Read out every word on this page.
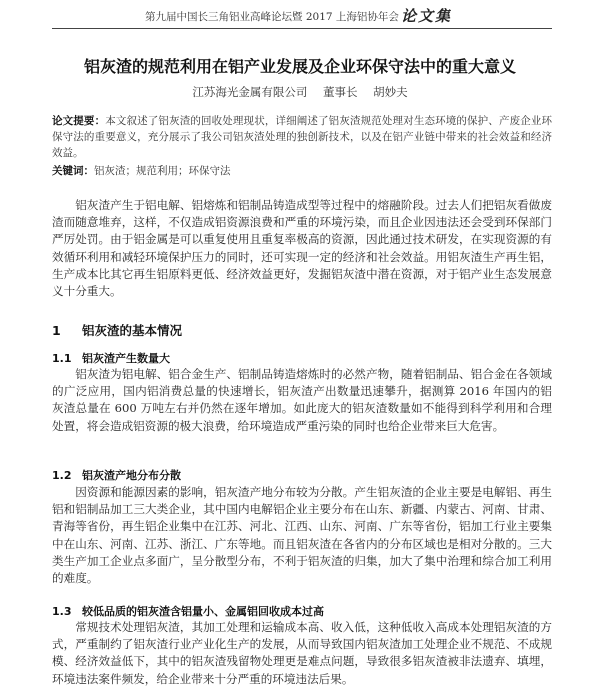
第九届中国长三角铝业高峰论坛暨 2017 上海铝协年会 论文集
铝灰渣的规范利用在铝产业发展及企业环保守法中的重大意义
江苏海光金属有限公司 董事长 胡妙夫
论文提要：本文叙述了铝灰渣的回收处理现状，详细阐述了铝灰渣规范处理对生态环境的保护、产废企业环保守法的重要意义，充分展示了我公司铝灰渣处理的独创新技术，以及在铝产业链中带来的社会效益和经济效益。
关键词：铝灰渣；规范利用；环保守法
铝灰渣产生于铝电解、铝熔炼和铝制品铸造成型等过程中的熔融阶段。过去人们把铝灰看做废渣而随意堆弃，这样，不仅造成铝资源浪费和严重的环境污染，而且企业因违法还会受到环保部门严厉处罚。由于铝金属是可以重复使用且重复率极高的资源，因此通过技术研发，在实现资源的有效循环利用和减轻环境保护压力的同时，还可实现一定的经济和社会效益。用铝灰渣生产再生铝，生产成本比其它再生铝原料更低、经济效益更好，发掘铝灰渣中潜在资源，对于铝产业生态发展意义十分重大。
1 铝灰渣的基本情况
1.1 铝灰渣产生数量大
铝灰渣为铝电解、铝合金生产、铝制品铸造熔炼时的必然产物，随着铝制品、铝合金在各领域的广泛应用，国内铝消费总量的快速增长，铝灰渣产出数量迅速攀升，据测算 2016 年国内的铝灰渣总量在 600 万吨左右并仍然在逐年增加。如此庞大的铝灰渣数量如不能得到科学利用和合理处置，将会造成铝资源的极大浪费，给环境造成严重污染的同时也给企业带来巨大危害。
1.2 铝灰渣产地分布分散
因资源和能源因素的影响，铝灰渣产地分布较为分散。产生铝灰渣的企业主要是电解铝、再生铝和铝制品加工三大类企业，其中国内电解铝企业主要分布在山东、新疆、内蒙古、河南、甘肃、青海等省份，再生铝企业集中在江苏、河北、江西、山东、河南、广东等省份，铝加工行业主要集中在山东、河南、江苏、浙江、广东等地。而且铝灰渣在各省内的分布区域也是相对分散的。三大类生产加工企业点多面广，呈分散型分布，不利于铝灰渣的归集，加大了集中治理和综合加工利用的难度。
1.3 较低品质的铝灰渣含铝量小、金属铝回收成本过高
常规技术处理铝灰渣，其加工处理和运输成本高、收入低，这种低收入高成本处理铝灰渣的方式，严重制约了铝灰渣行业产业化生产的发展，从而导致国内铝灰渣加工处理企业不规范、不成规模、经济效益低下，其中的铝灰渣残留物处理更是难点问题，导致很多铝灰渣被非法遗弃、填埋，环境违法案件频发，给企业带来十分严重的环境违法后果。
